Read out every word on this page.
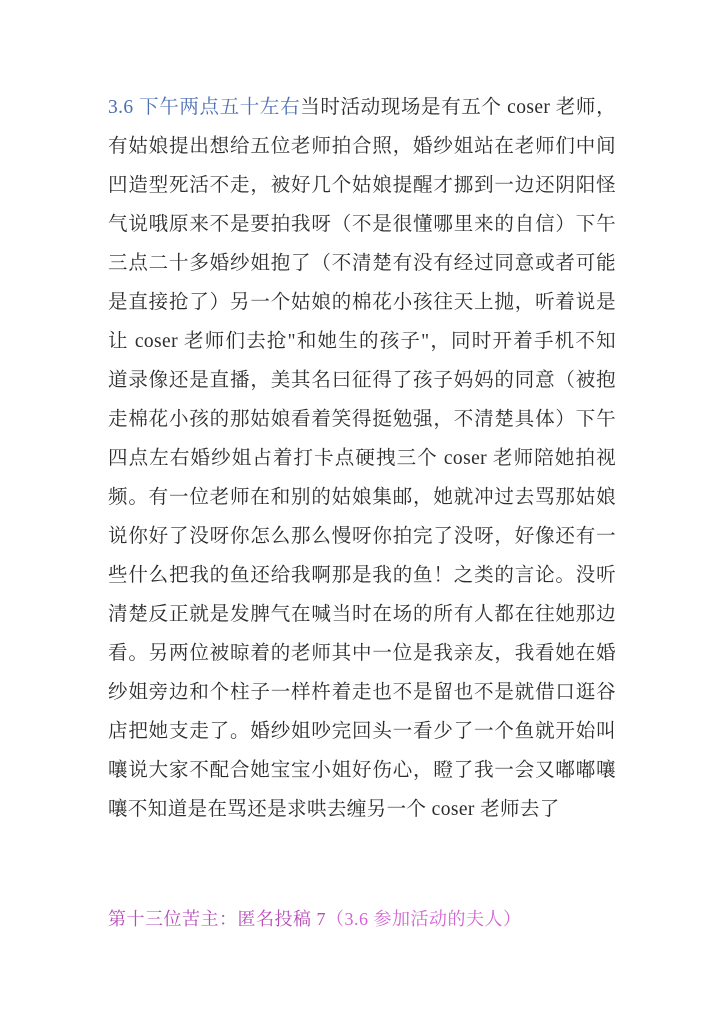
3.6 下午两点五十左右当时活动现场是有五个 coser 老师，有姑娘提出想给五位老师拍合照，婚纱姐站在老师们中间凹造型死活不走，被好几个姑娘提醒才挪到一边还阴阳怪气说哦原来不是要拍我呀（不是很懂哪里来的自信）下午三点二十多婚纱姐抱了（不清楚有没有经过同意或者可能是直接抢了）另一个姑娘的棉花小孩往天上抛，听着说是让 coser 老师们去抢"和她生的孩子"，同时开着手机不知道录像还是直播，美其名曰征得了孩子妈妈的同意（被抱走棉花小孩的那姑娘看着笑得挺勉强，不清楚具体）下午四点左右婚纱姐占着打卡点硬拽三个 coser 老师陪她拍视频。有一位老师在和别的姑娘集邮，她就冲过去骂那姑娘说你好了没呀你怎么那么慢呀你拍完了没呀，好像还有一些什么把我的鱼还给我啊那是我的鱼！之类的言论。没听清楚反正就是发脾气在喊当时在场的所有人都在往她那边看。另两位被晾着的老师其中一位是我亲友，我看她在婚纱姐旁边和个柱子一样杵着走也不是留也不是就借口逛谷店把她支走了。婚纱姐吵完回头一看少了一个鱼就开始叫嚷说大家不配合她宝宝小姐好伤心，瞪了我一会又嘟嘟嚷嚷不知道是在骂还是求哄去缠另一个 coser 老师去了

第十三位苦主：匿名投稿 7（3.6 参加活动的夫人）
